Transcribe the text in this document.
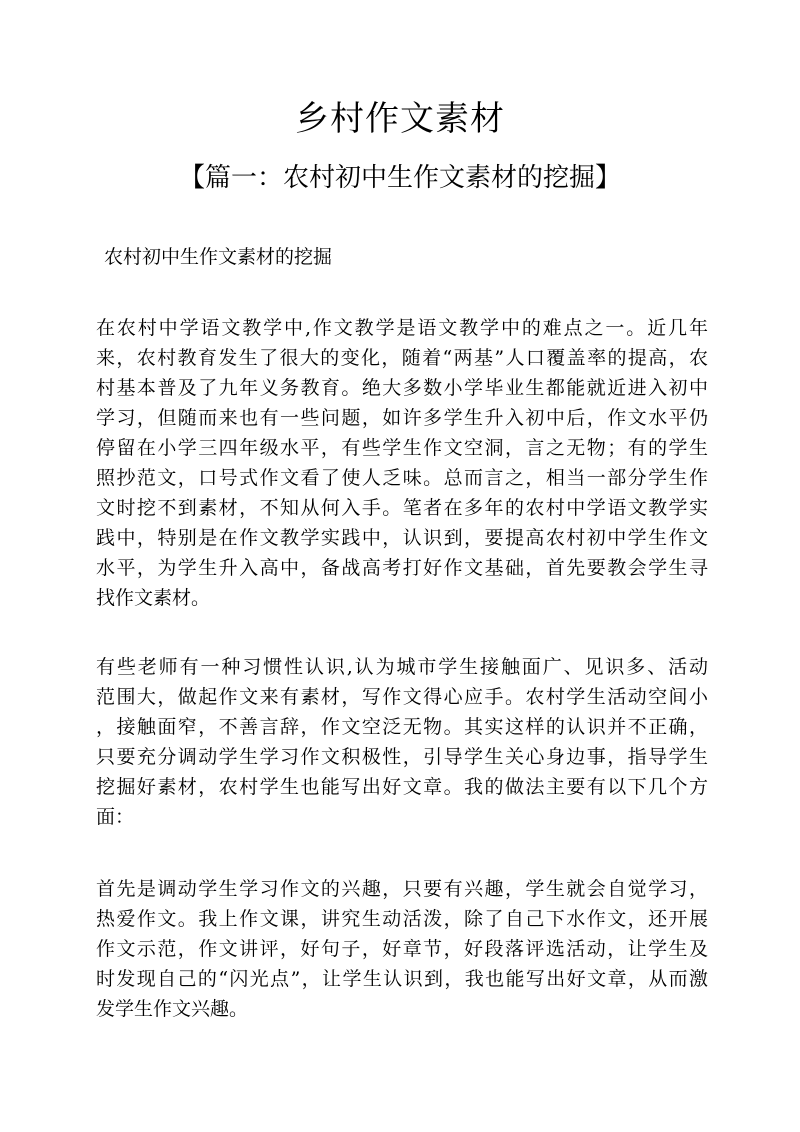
乡村作文素材
【篇一：农村初中生作文素材的挖掘】

农村初中生作文素材的挖掘

在农村中学语文教学中,作文教学是语文教学中的难点之一。近几年
来，农村教育发生了很大的变化，随着“两基”人口覆盖率的提高，农
村基本普及了九年义务教育。绝大多数小学毕业生都能就近进入初中
学习，但随而来也有一些问题，如许多学生升入初中后，作文水平仍
停留在小学三四年级水平，有些学生作文空洞，言之无物；有的学生
照抄范文，口号式作文看了使人乏味。总而言之，相当一部分学生作
文时挖不到素材，不知从何入手。笔者在多年的农村中学语文教学实
践中，特别是在作文教学实践中，认识到，要提高农村初中学生作文
水平，为学生升入高中，备战高考打好作文基础，首先要教会学生寻
找作文素材。
有些老师有一种习惯性认识,认为城市学生接触面广、见识多、活动
范围大，做起作文来有素材，写作文得心应手。农村学生活动空间小
，接触面窄，不善言辞，作文空泛无物。其实这样的认识并不正确，
只要充分调动学生学习作文积极性，引导学生关心身边事，指导学生
挖掘好素材，农村学生也能写出好文章。我的做法主要有以下几个方
面：
首先是调动学生学习作文的兴趣，只要有兴趣，学生就会自觉学习，
热爱作文。我上作文课，讲究生动活泼，除了自己下水作文，还开展
作文示范，作文讲评，好句子，好章节，好段落评选活动，让学生及
时发现自己的“闪光点”，让学生认识到，我也能写出好文章，从而激
发学生作文兴趣。
